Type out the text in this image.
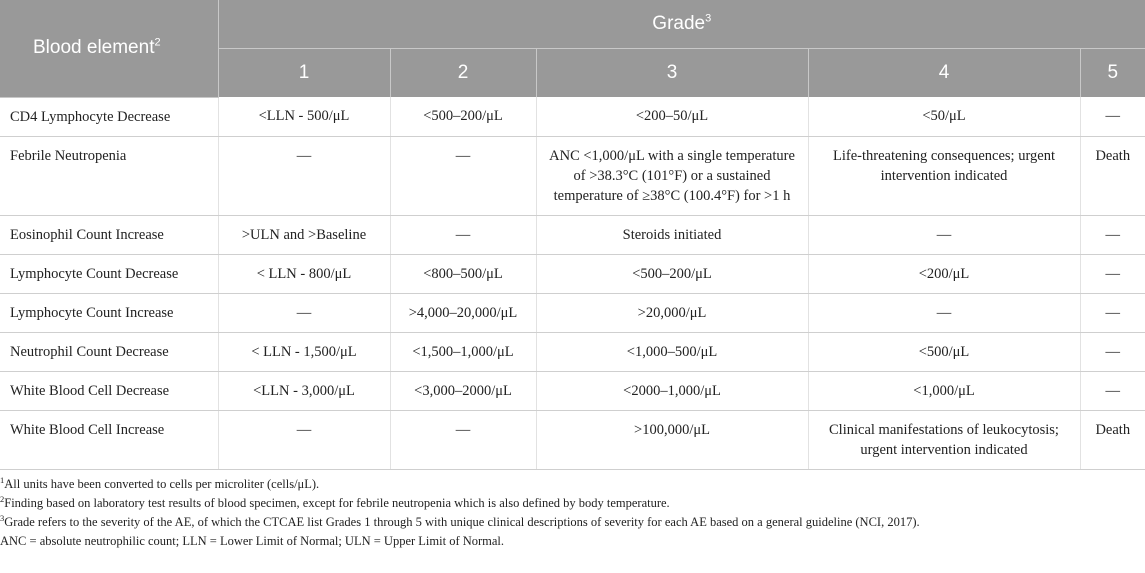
Blood element$^2$	Grade$^3$
	1	2	3	4	5
CD4 Lymphocyte Decrease	<LLN - 500/μL	<500–200/μL	<200–50/μL	<50/μL	—
Febrile Neutropenia	—	—	ANC <1,000/μL with a single temperature of >38.3°C (101°F) or a sustained temperature of ≥38°C (100.4°F) for >1 h	Life-threatening consequences; urgent intervention indicated	Death
Eosinophil Count Increase	>ULN and >Baseline	—	Steroids initiated	—	—
Lymphocyte Count Decrease	< LLN - 800/μL	<800–500/μL	<500–200/μL	<200/μL	—
Lymphocyte Count Increase	—	>4,000–20,000/μL	>20,000/μL	—	—
Neutrophil Count Decrease	< LLN - 1,500/μL	<1,500–1,000/μL	<1,000–500/μL	<500/μL	—
White Blood Cell Decrease	<LLN - 3,000/μL	<3,000–2000/μL	<2000–1,000/μL	<1,000/μL	—
White Blood Cell Increase	—	—	>100,000/μL	Clinical manifestations of leukocytosis; urgent intervention indicated	Death
$^1$All units have been converted to cells per microliter (cells/μL).
$^2$Finding based on laboratory test results of blood specimen, except for febrile neutropenia which is also defined by body temperature.
$^3$Grade refers to the severity of the AE, of which the CTCAE list Grades 1 through 5 with unique clinical descriptions of severity for each AE based on a general guideline (NCI, 2017).
ANC = absolute neutrophilic count; LLN = Lower Limit of Normal; ULN = Upper Limit of Normal.
